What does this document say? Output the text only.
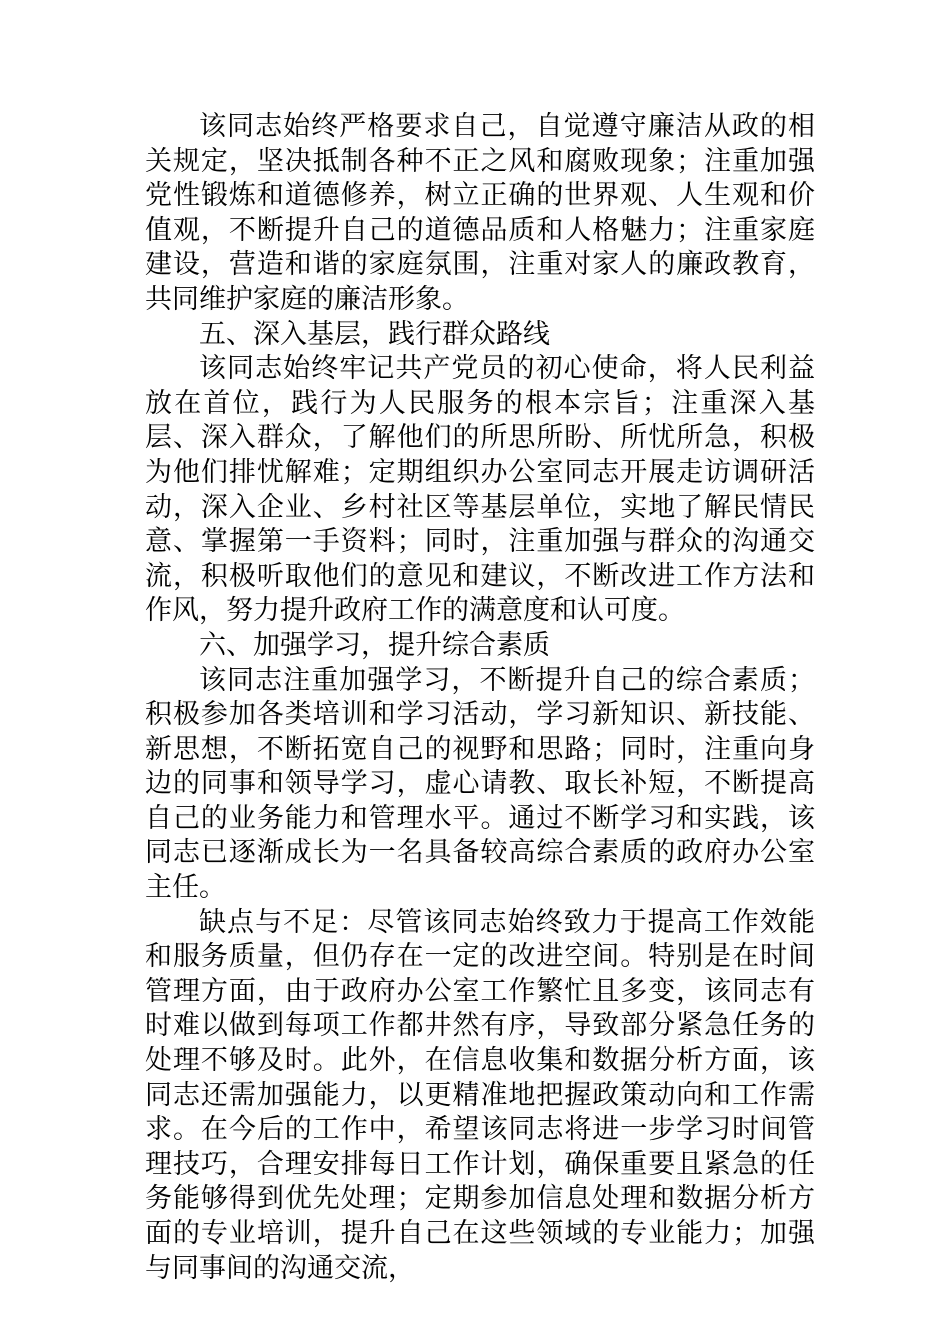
该同志始终严格要求自己，自觉遵守廉洁从政的相关规定，坚决抵制各种不正之风和腐败现象；注重加强党性锻炼和道德修养，树立正确的世界观、人生观和价值观，不断提升自己的道德品质和人格魅力；注重家庭建设，营造和谐的家庭氛围，注重对家人的廉政教育，共同维护家庭的廉洁形象。

五、深入基层，践行群众路线

该同志始终牢记共产党员的初心使命，将人民利益放在首位，践行为人民服务的根本宗旨；注重深入基层、深入群众，了解他们的所思所盼、所忧所急，积极为他们排忧解难；定期组织办公室同志开展走访调研活动，深入企业、乡村社区等基层单位，实地了解民情民意、掌握第一手资料；同时，注重加强与群众的沟通交流，积极听取他们的意见和建议，不断改进工作方法和作风，努力提升政府工作的满意度和认可度。

六、加强学习，提升综合素质

该同志注重加强学习，不断提升自己的综合素质；积极参加各类培训和学习活动，学习新知识、新技能、新思想，不断拓宽自己的视野和思路；同时，注重向身边的同事和领导学习，虚心请教、取长补短，不断提高自己的业务能力和管理水平。通过不断学习和实践，该同志已逐渐成长为一名具备较高综合素质的政府办公室主任。

缺点与不足：尽管该同志始终致力于提高工作效能和服务质量，但仍存在一定的改进空间。特别是在时间管理方面，由于政府办公室工作繁忙且多变，该同志有时难以做到每项工作都井然有序，导致部分紧急任务的处理不够及时。此外，在信息收集和数据分析方面，该同志还需加强能力，以更精准地把握政策动向和工作需求。在今后的工作中，希望该同志将进一步学习时间管理技巧，合理安排每日工作计划，确保重要且紧急的任务能够得到优先处理；定期参加信息处理和数据分析方面的专业培训，提升自己在这些领域的专业能力；加强与同事间的沟通交流，
